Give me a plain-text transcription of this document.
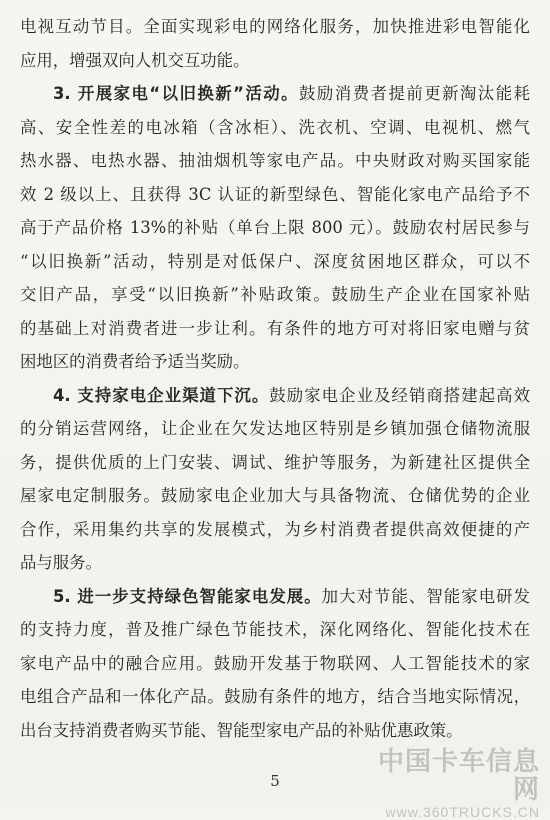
电视互动节目。全面实现彩电的网络化服务，加快推进彩电智能化
应用，增强双向人机交互功能。
3. 开展家电“以旧换新”活动。鼓励消费者提前更新淘汰能耗
高、安全性差的电冰箱（含冰柜）、洗衣机、空调、电视机、燃气
热水器、电热水器、抽油烟机等家电产品。中央财政对购买国家能
效 2 级以上、且获得 3C 认证的新型绿色、智能化家电产品给予不
高于产品价格 13%的补贴（单台上限 800 元）。鼓励农村居民参与
“以旧换新”活动，特别是对低保户、深度贫困地区群众，可以不
交旧产品，享受“以旧换新”补贴政策。鼓励生产企业在国家补贴
的基础上对消费者进一步让利。有条件的地方可对将旧家电赠与贫
困地区的消费者给予适当奖励。
4. 支持家电企业渠道下沉。鼓励家电企业及经销商搭建起高效
的分销运营网络，让企业在欠发达地区特别是乡镇加强仓储物流服
务，提供优质的上门安装、调试、维护等服务，为新建社区提供全
屋家电定制服务。鼓励家电企业加大与具备物流、仓储优势的企业
合作，采用集约共享的发展模式，为乡村消费者提供高效便捷的产
品与服务。
5. 进一步支持绿色智能家电发展。加大对节能、智能家电研发
的支持力度，普及推广绿色节能技术，深化网络化、智能化技术在
家电产品中的融合应用。鼓励开发基于物联网、人工智能技术的家
电组合产品和一体化产品。鼓励有条件的地方，结合当地实际情况，
出台支持消费者购买节能、智能型家电产品的补贴优惠政策。
5
中国卡车信息网
www.360TRUCKS.CN
